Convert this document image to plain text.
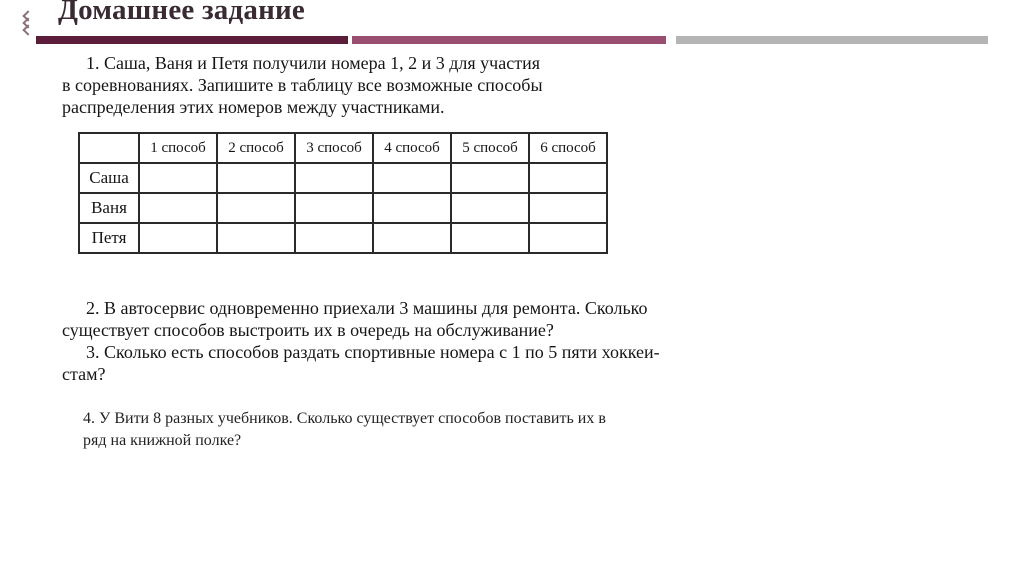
Домашнее задание
1. Саша, Ваня и Петя получили номера 1, 2 и 3 для участия
в соревнованиях. Запишите в таблицу все возможные способы
распределения этих номеров между участниками.
	1 способ	2 способ	3 способ	4 способ	5 способ	6 способ
Саша						
Ваня						
Петя						
2. В автосервис одновременно приехали 3 машины для ремонта. Сколько
существует способов выстроить их в очередь на обслуживание?
3. Сколько есть способов раздать спортивные номера с 1 по 5 пяти хоккеи-
стам?
4. У Вити 8 разных учебников. Сколько существует способов поставить их в
ряд на книжной полке?
